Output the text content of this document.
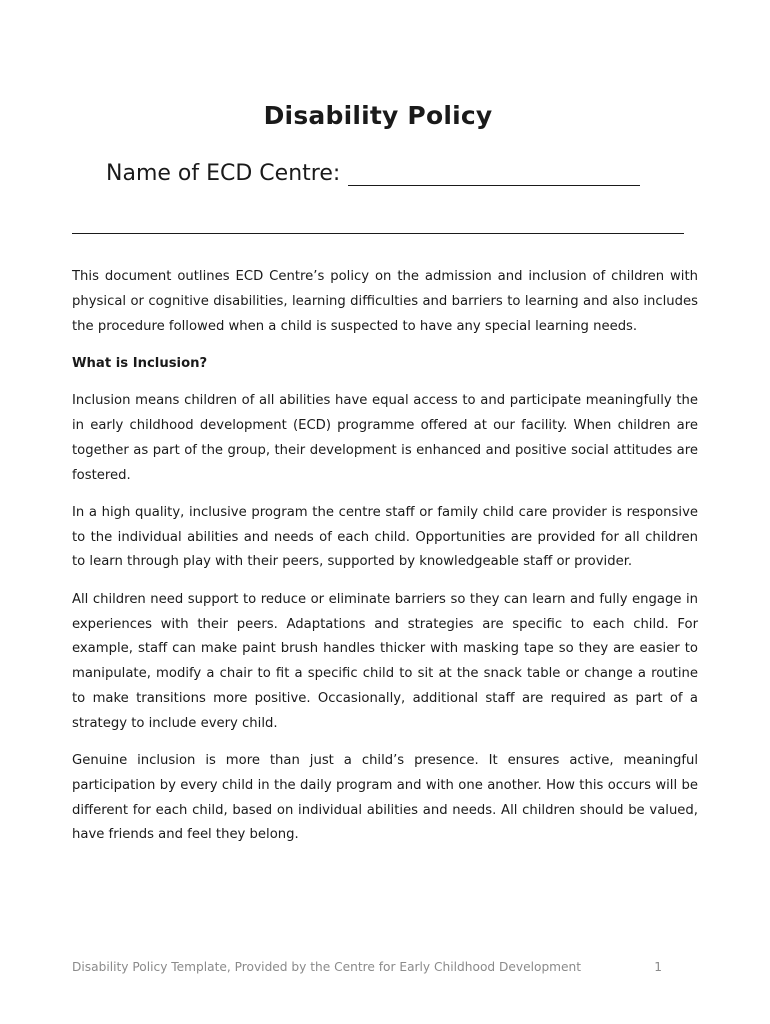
Disability Policy
Name of ECD Centre:

This document outlines ECD Centre’s policy on the admission and inclusion of children with physical or cognitive disabilities, learning difficulties and barriers to learning and also includes the procedure followed when a child is suspected to have any special learning needs.

What is Inclusion?

Inclusion means children of all abilities have equal access to and participate meaningfully the in early childhood development (ECD) programme offered at our facility. When children are together as part of the group, their development is enhanced and positive social attitudes are fostered.

In a high quality, inclusive program the centre staff or family child care provider is responsive to the individual abilities and needs of each child. Opportunities are provided for all children to learn through play with their peers, supported by knowledgeable staff or provider.

All children need support to reduce or eliminate barriers so they can learn and fully engage in experiences with their peers. Adaptations and strategies are specific to each child. For example, staff can make paint brush handles thicker with masking tape so they are easier to manipulate, modify a chair to fit a specific child to sit at the snack table or change a routine to make transitions more positive. Occasionally, additional staff are required as part of a strategy to include every child.

Genuine inclusion is more than just a child’s presence. It ensures active, meaningful participation by every child in the daily program and with one another. How this occurs will be different for each child, based on individual abilities and needs. All children should be valued, have friends and feel they belong.

Disability Policy Template, Provided by the Centre for Early Childhood Development	1
